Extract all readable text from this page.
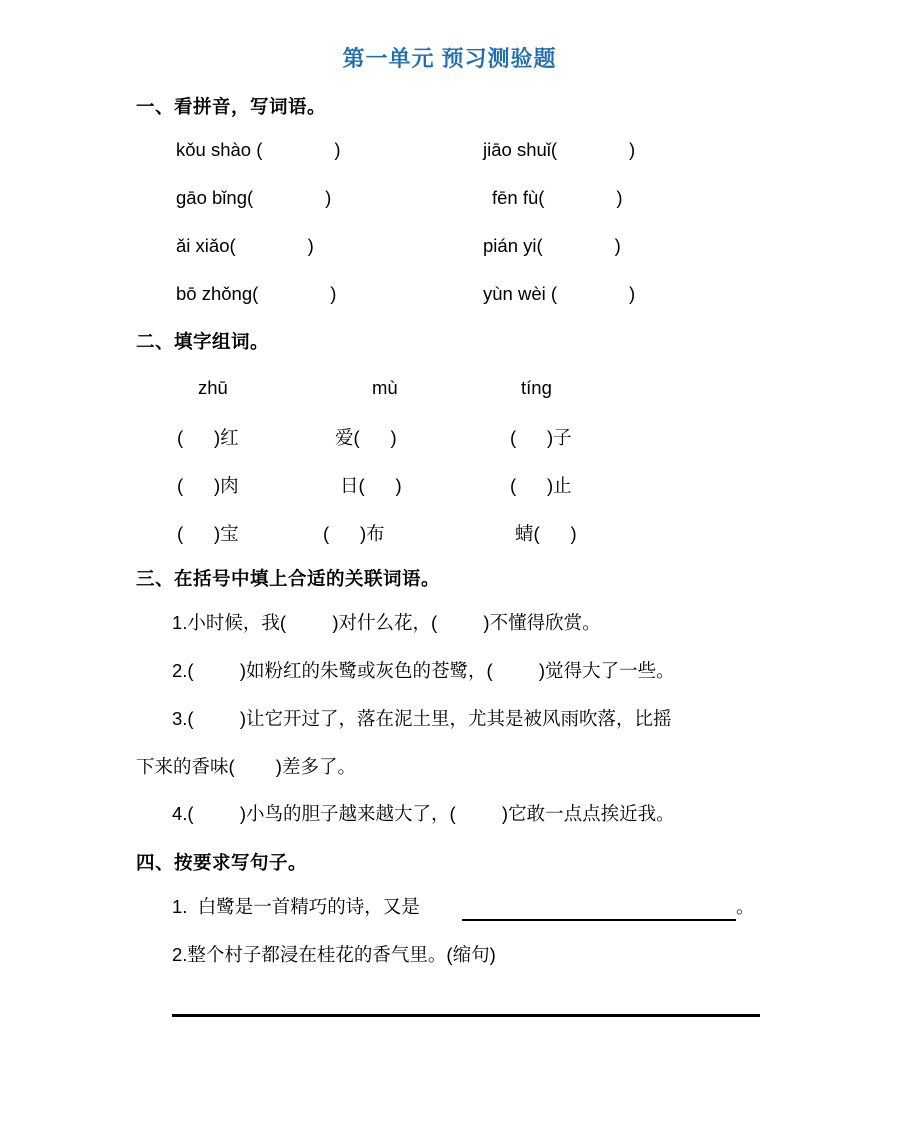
第一单元 预习测验题
一、看拼音，写词语。
kǒu shào (              )	jiāo shuǐ(              )
gāo bǐng(              )	fēn fù(              )
ǎi xiǎo(              )	pián yi(              )
bō zhǒng(              )	yùn wèi (              )
二、填字组词。
zhū	mù	tíng
(      )红	爱(      )	(      )子
(      )肉	日(      )	(      )止
(      )宝	(      )布	蜻(      )
三、在括号中填上合适的关联词语。
1.小时候，我(         )对什么花，(         )不懂得欣赏。
2.(         )如粉红的朱鹭或灰色的苍鹭，(         )觉得大了一些。
3.(         )让它开过了，落在泥土里，尤其是被风雨吹落，比摇
下来的香味(        )差多了。
4.(         )小鸟的胆子越来越大了，(         )它敢一点点挨近我。
四、按要求写句子。
1.  白鹭是一首精巧的诗，又是	。
2.整个村子都浸在桂花的香气里。(缩句)
